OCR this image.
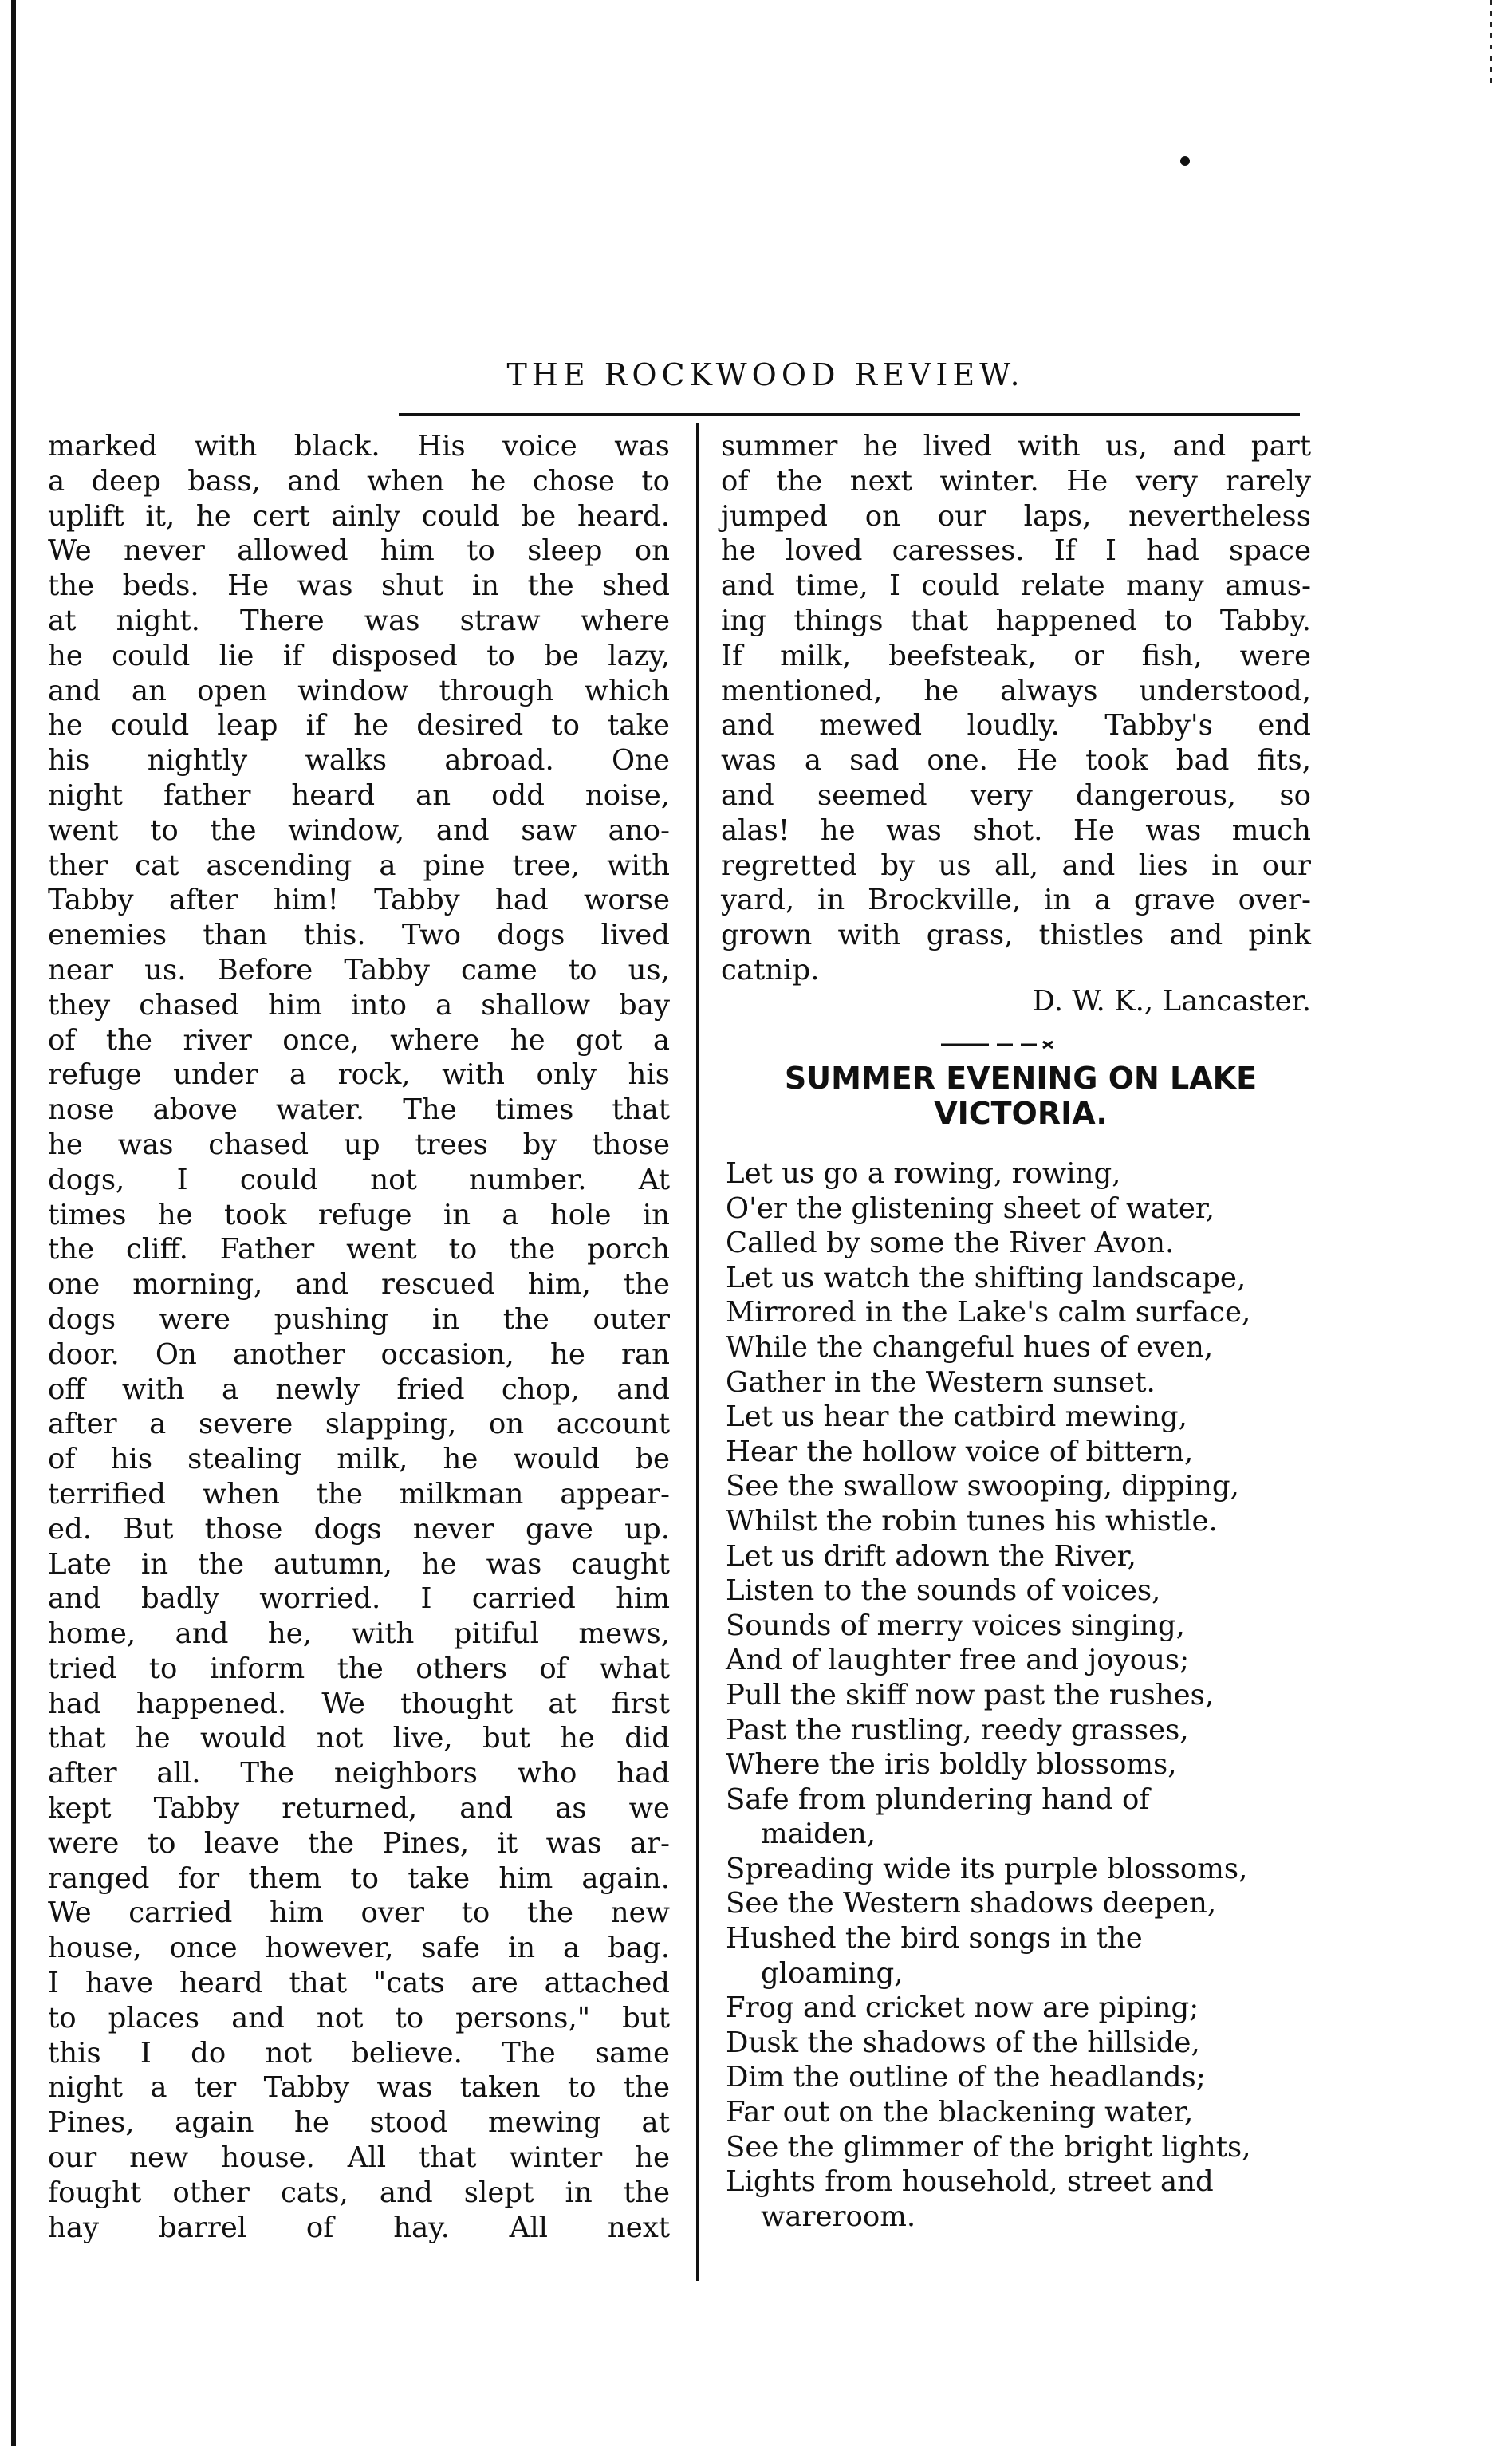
THE ROCKWOOD REVIEW.
marked with black. His voice was
a deep bass, and when he chose to
uplift it, he cert ainly could be heard.
We never allowed him to sleep on
the beds. He was shut in the shed
at night. There was straw where
he could lie if disposed to be lazy,
and an open window through which
he could leap if he desired to take
his nightly walks abroad. One
night father heard an odd noise,
went to the window, and saw ano-
ther cat ascending a pine tree, with
Tabby after him! Tabby had worse
enemies than this. Two dogs lived
near us. Before Tabby came to us,
they chased him into a shallow bay
of the river once, where he got a
refuge under a rock, with only his
nose above water. The times that
he was chased up trees by those
dogs, I could not number. At
times he took refuge in a hole in
the cliff. Father went to the porch
one morning, and rescued him, the
dogs were pushing in the outer
door. On another occasion, he ran
off with a newly fried chop, and
after a severe slapping, on account
of his stealing milk, he would be
terrified when the milkman appear-
ed. But those dogs never gave up.
Late in the autumn, he was caught
and badly worried. I carried him
home, and he, with pitiful mews,
tried to inform the others of what
had happened. We thought at first
that he would not live, but he did
after all. The neighbors who had
kept Tabby returned, and as we
were to leave the Pines, it was ar-
ranged for them to take him again.
We carried him over to the new
house, once however, safe in a bag.
I have heard that "cats are attached
to places and not to persons," but
this I do not believe. The same
night a ter Tabby was taken to the
Pines, again he stood mewing at
our new house. All that winter he
fought other cats, and slept in the
hay barrel of hay. All next
summer he lived with us, and part
of the next winter. He very rarely
jumped on our laps, nevertheless
he loved caresses. If I had space
and time, I could relate many amus-
ing things that happened to Tabby.
If milk, beefsteak, or fish, were
mentioned, he always understood,
and mewed loudly. Tabby's end
was a sad one. He took bad fits,
and seemed very dangerous, so
alas! he was shot. He was much
regretted by us all, and lies in our
yard, in Brockville, in a grave over-
grown with grass, thistles and pink
catnip.
D. W. K., Lancaster.
SUMMER EVENING ON LAKE
VICTORIA.
Let us go a rowing, rowing,
O'er the glistening sheet of water,
Called by some the River Avon.
Let us watch the shifting landscape,
Mirrored in the Lake's calm surface,
While the changeful hues of even,
Gather in the Western sunset.
Let us hear the catbird mewing,
Hear the hollow voice of bittern,
See the swallow swooping, dipping,
Whilst the robin tunes his whistle.
Let us drift adown the River,
Listen to the sounds of voices,
Sounds of merry voices singing,
And of laughter free and joyous;
Pull the skiff now past the rushes,
Past the rustling, reedy grasses,
Where the iris boldly blossoms,
Safe from plundering hand of
maiden,
Spreading wide its purple blossoms,
See the Western shadows deepen,
Hushed the bird songs in the
gloaming,
Frog and cricket now are piping;
Dusk the shadows of the hillside,
Dim the outline of the headlands;
Far out on the blackening water,
See the glimmer of the bright lights,
Lights from household, street and
wareroom.
